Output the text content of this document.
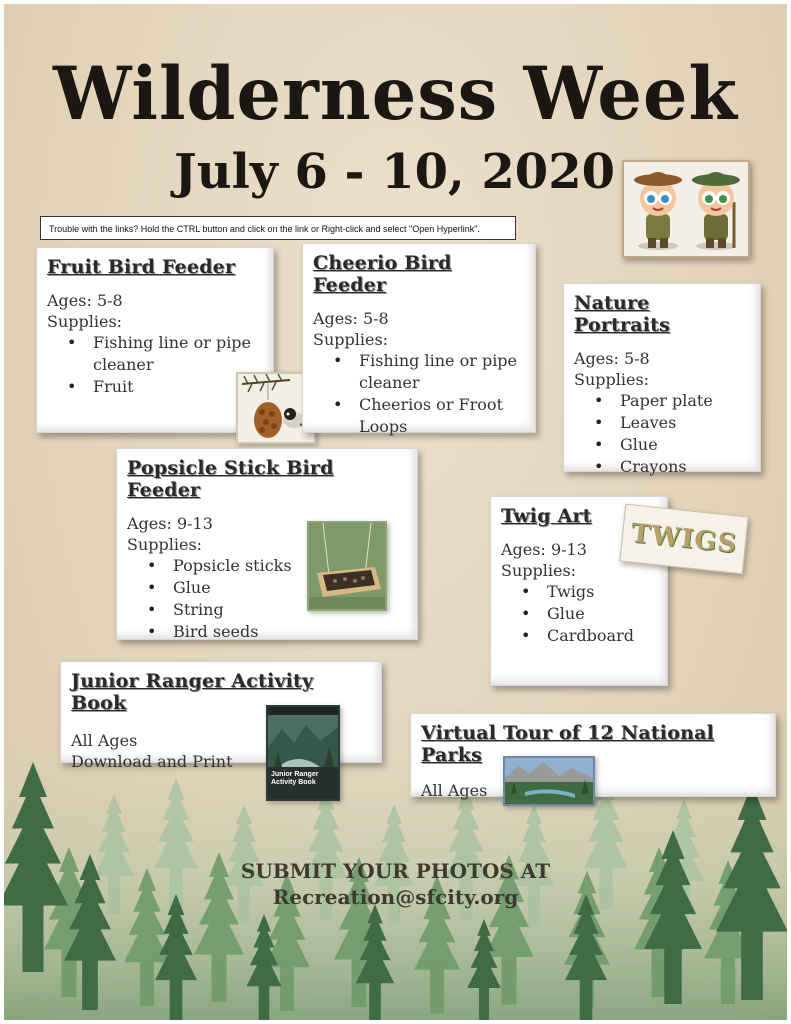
Wilderness Week
July 6 - 10, 2020
Trouble with the links? Hold the CTRL button and click on the link or Right-click and select "Open Hyperlink".
Fruit Bird Feeder

Ages: 5-8

Supplies:

• Fishing line or pipe cleaner
• Fruit
Cheerio Bird Feeder

Ages: 5-8

Supplies:

• Fishing line or pipe cleaner
• Cheerios or Froot Loops
Nature Portraits

Ages: 5-8

Supplies:

• Paper plate
• Leaves
• Glue
• Crayons
Popsicle Stick Bird Feeder

Ages: 9-13

Supplies:

• Popsicle sticks
• Glue
• String
• Bird seeds
Twig Art

Ages: 9-13

Supplies:

• Twigs
• Glue
• Cardboard
TWIGS
Junior Ranger Activity Book

All Ages

Download and Print

Junior Ranger Activity Book
Virtual Tour of 12 National Parks

All Ages

SUBMIT YOUR PHOTOS AT
Recreation@sfcity.org
